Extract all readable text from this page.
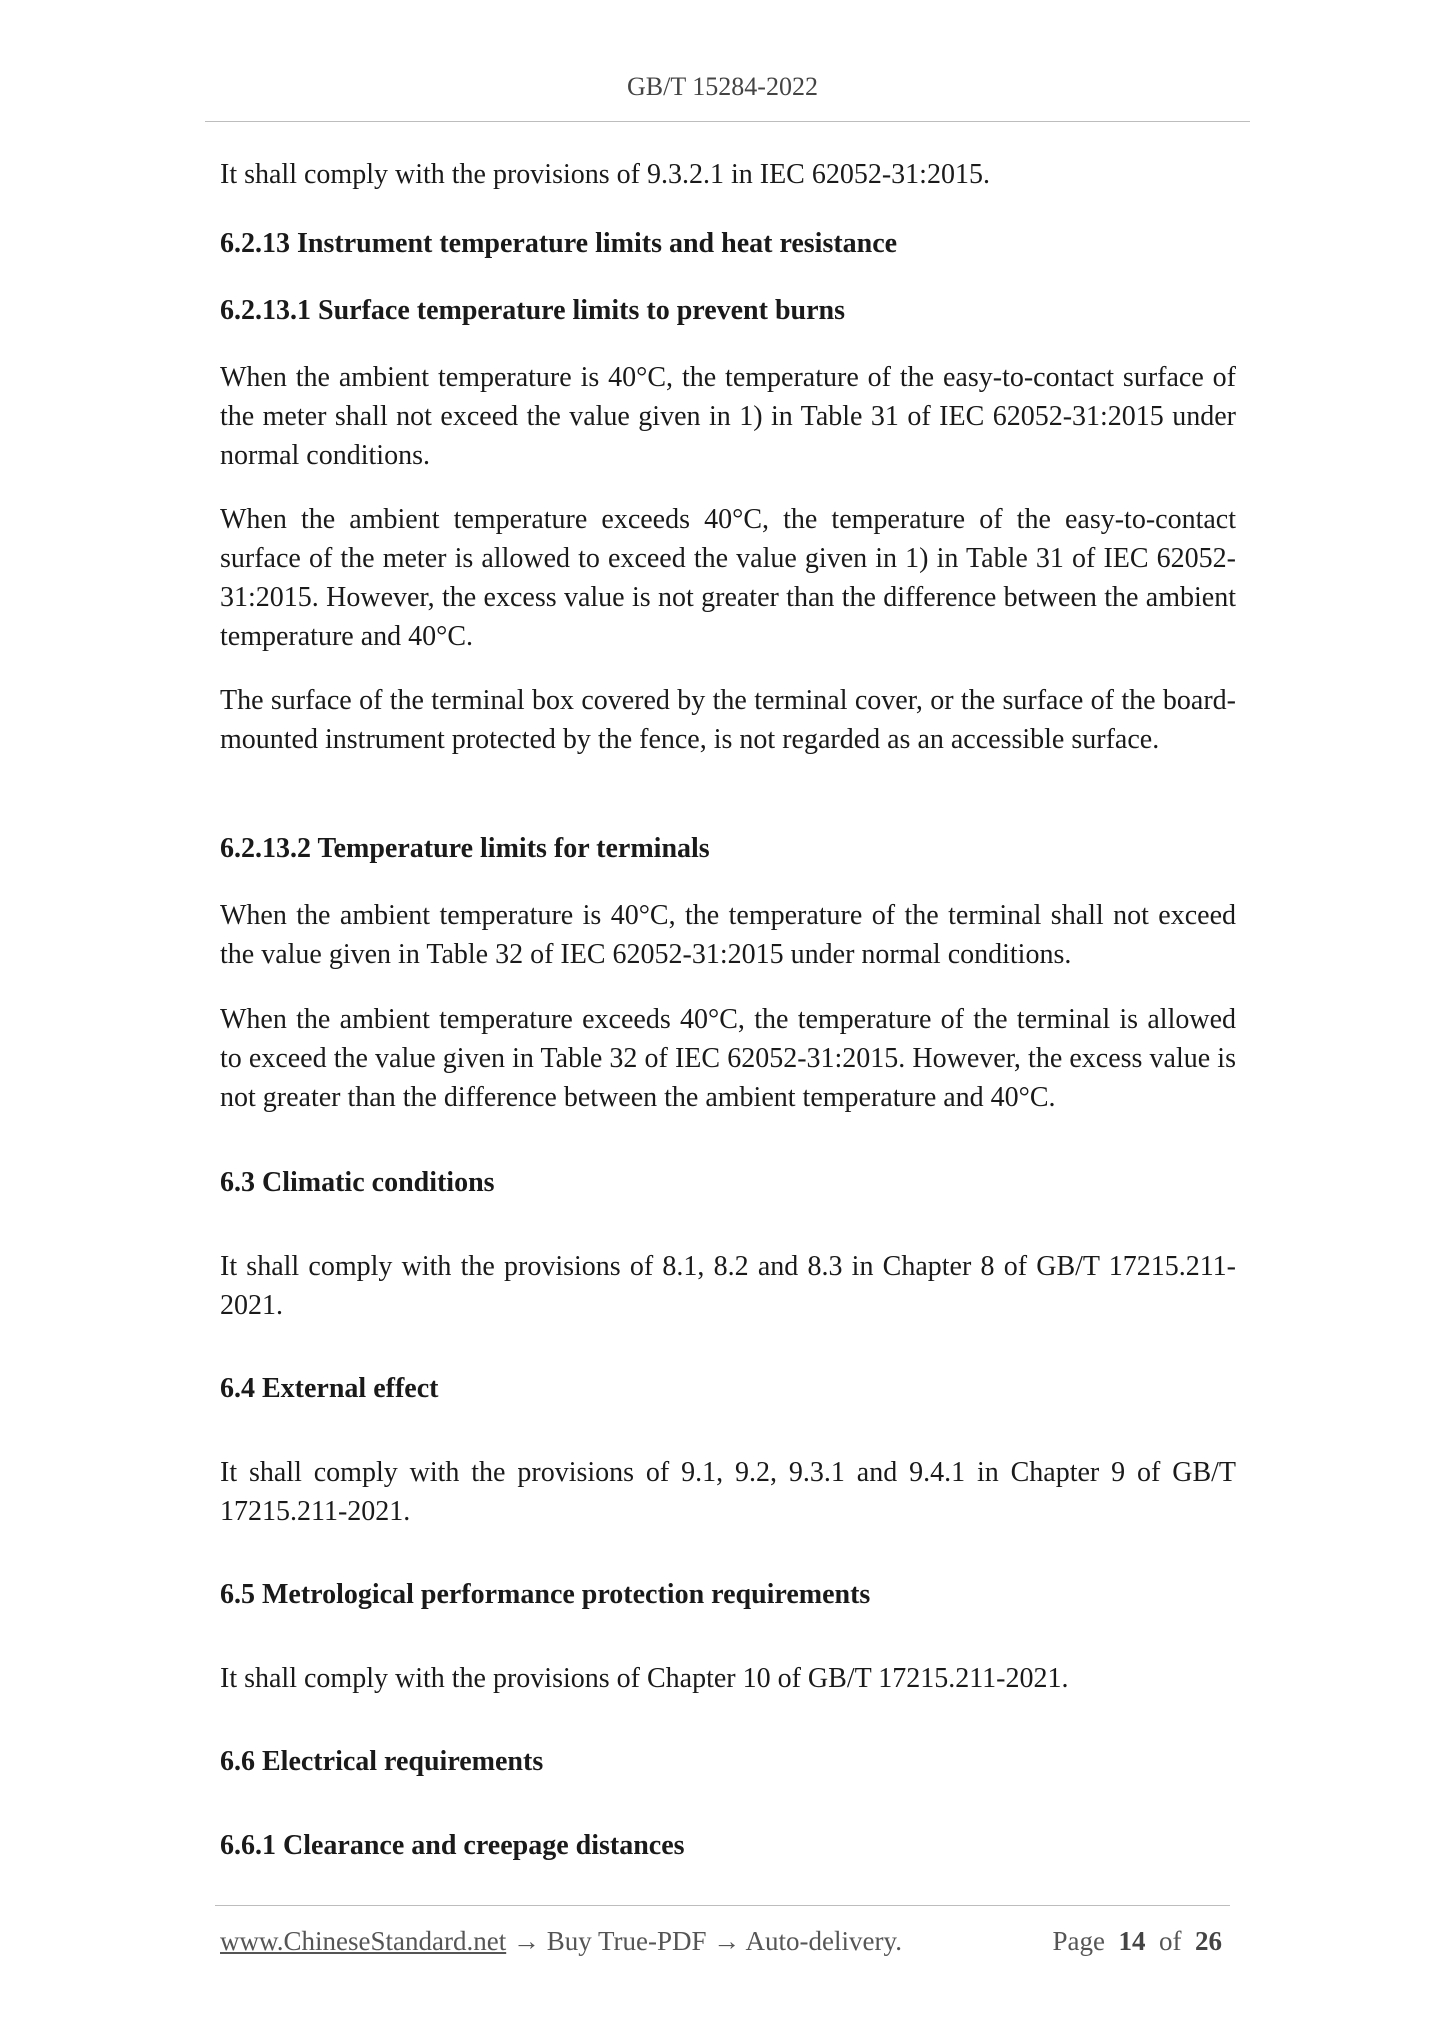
GB/T 15284-2022

It shall comply with the provisions of 9.3.2.1 in IEC 62052-31:2015.

6.2.13 Instrument temperature limits and heat resistance

6.2.13.1 Surface temperature limits to prevent burns

When the ambient temperature is 40°C, the temperature of the easy-to-contact surface of the meter shall not exceed the value given in 1) in Table 31 of IEC 62052-31:2015 under normal conditions.

When the ambient temperature exceeds 40°C, the temperature of the easy-to-contact surface of the meter is allowed to exceed the value given in 1) in Table 31 of IEC 62052-31:2015. However, the excess value is not greater than the difference between the ambient temperature and 40°C.

The surface of the terminal box covered by the terminal cover, or the surface of the board-mounted instrument protected by the fence, is not regarded as an accessible surface.

6.2.13.2 Temperature limits for terminals

When the ambient temperature is 40°C, the temperature of the terminal shall not exceed the value given in Table 32 of IEC 62052-31:2015 under normal conditions.

When the ambient temperature exceeds 40°C, the temperature of the terminal is allowed to exceed the value given in Table 32 of IEC 62052-31:2015. However, the excess value is not greater than the difference between the ambient temperature and 40°C.

6.3 Climatic conditions

It shall comply with the provisions of 8.1, 8.2 and 8.3 in Chapter 8 of GB/T 17215.211-2021.

6.4 External effect

It shall comply with the provisions of 9.1, 9.2, 9.3.1 and 9.4.1 in Chapter 9 of GB/T 17215.211-2021.

6.5 Metrological performance protection requirements

It shall comply with the provisions of Chapter 10 of GB/T 17215.211-2021.

6.6 Electrical requirements

6.6.1 Clearance and creepage distances

www.ChineseStandard.net → Buy True-PDF → Auto-delivery.	Page 14 of 26
